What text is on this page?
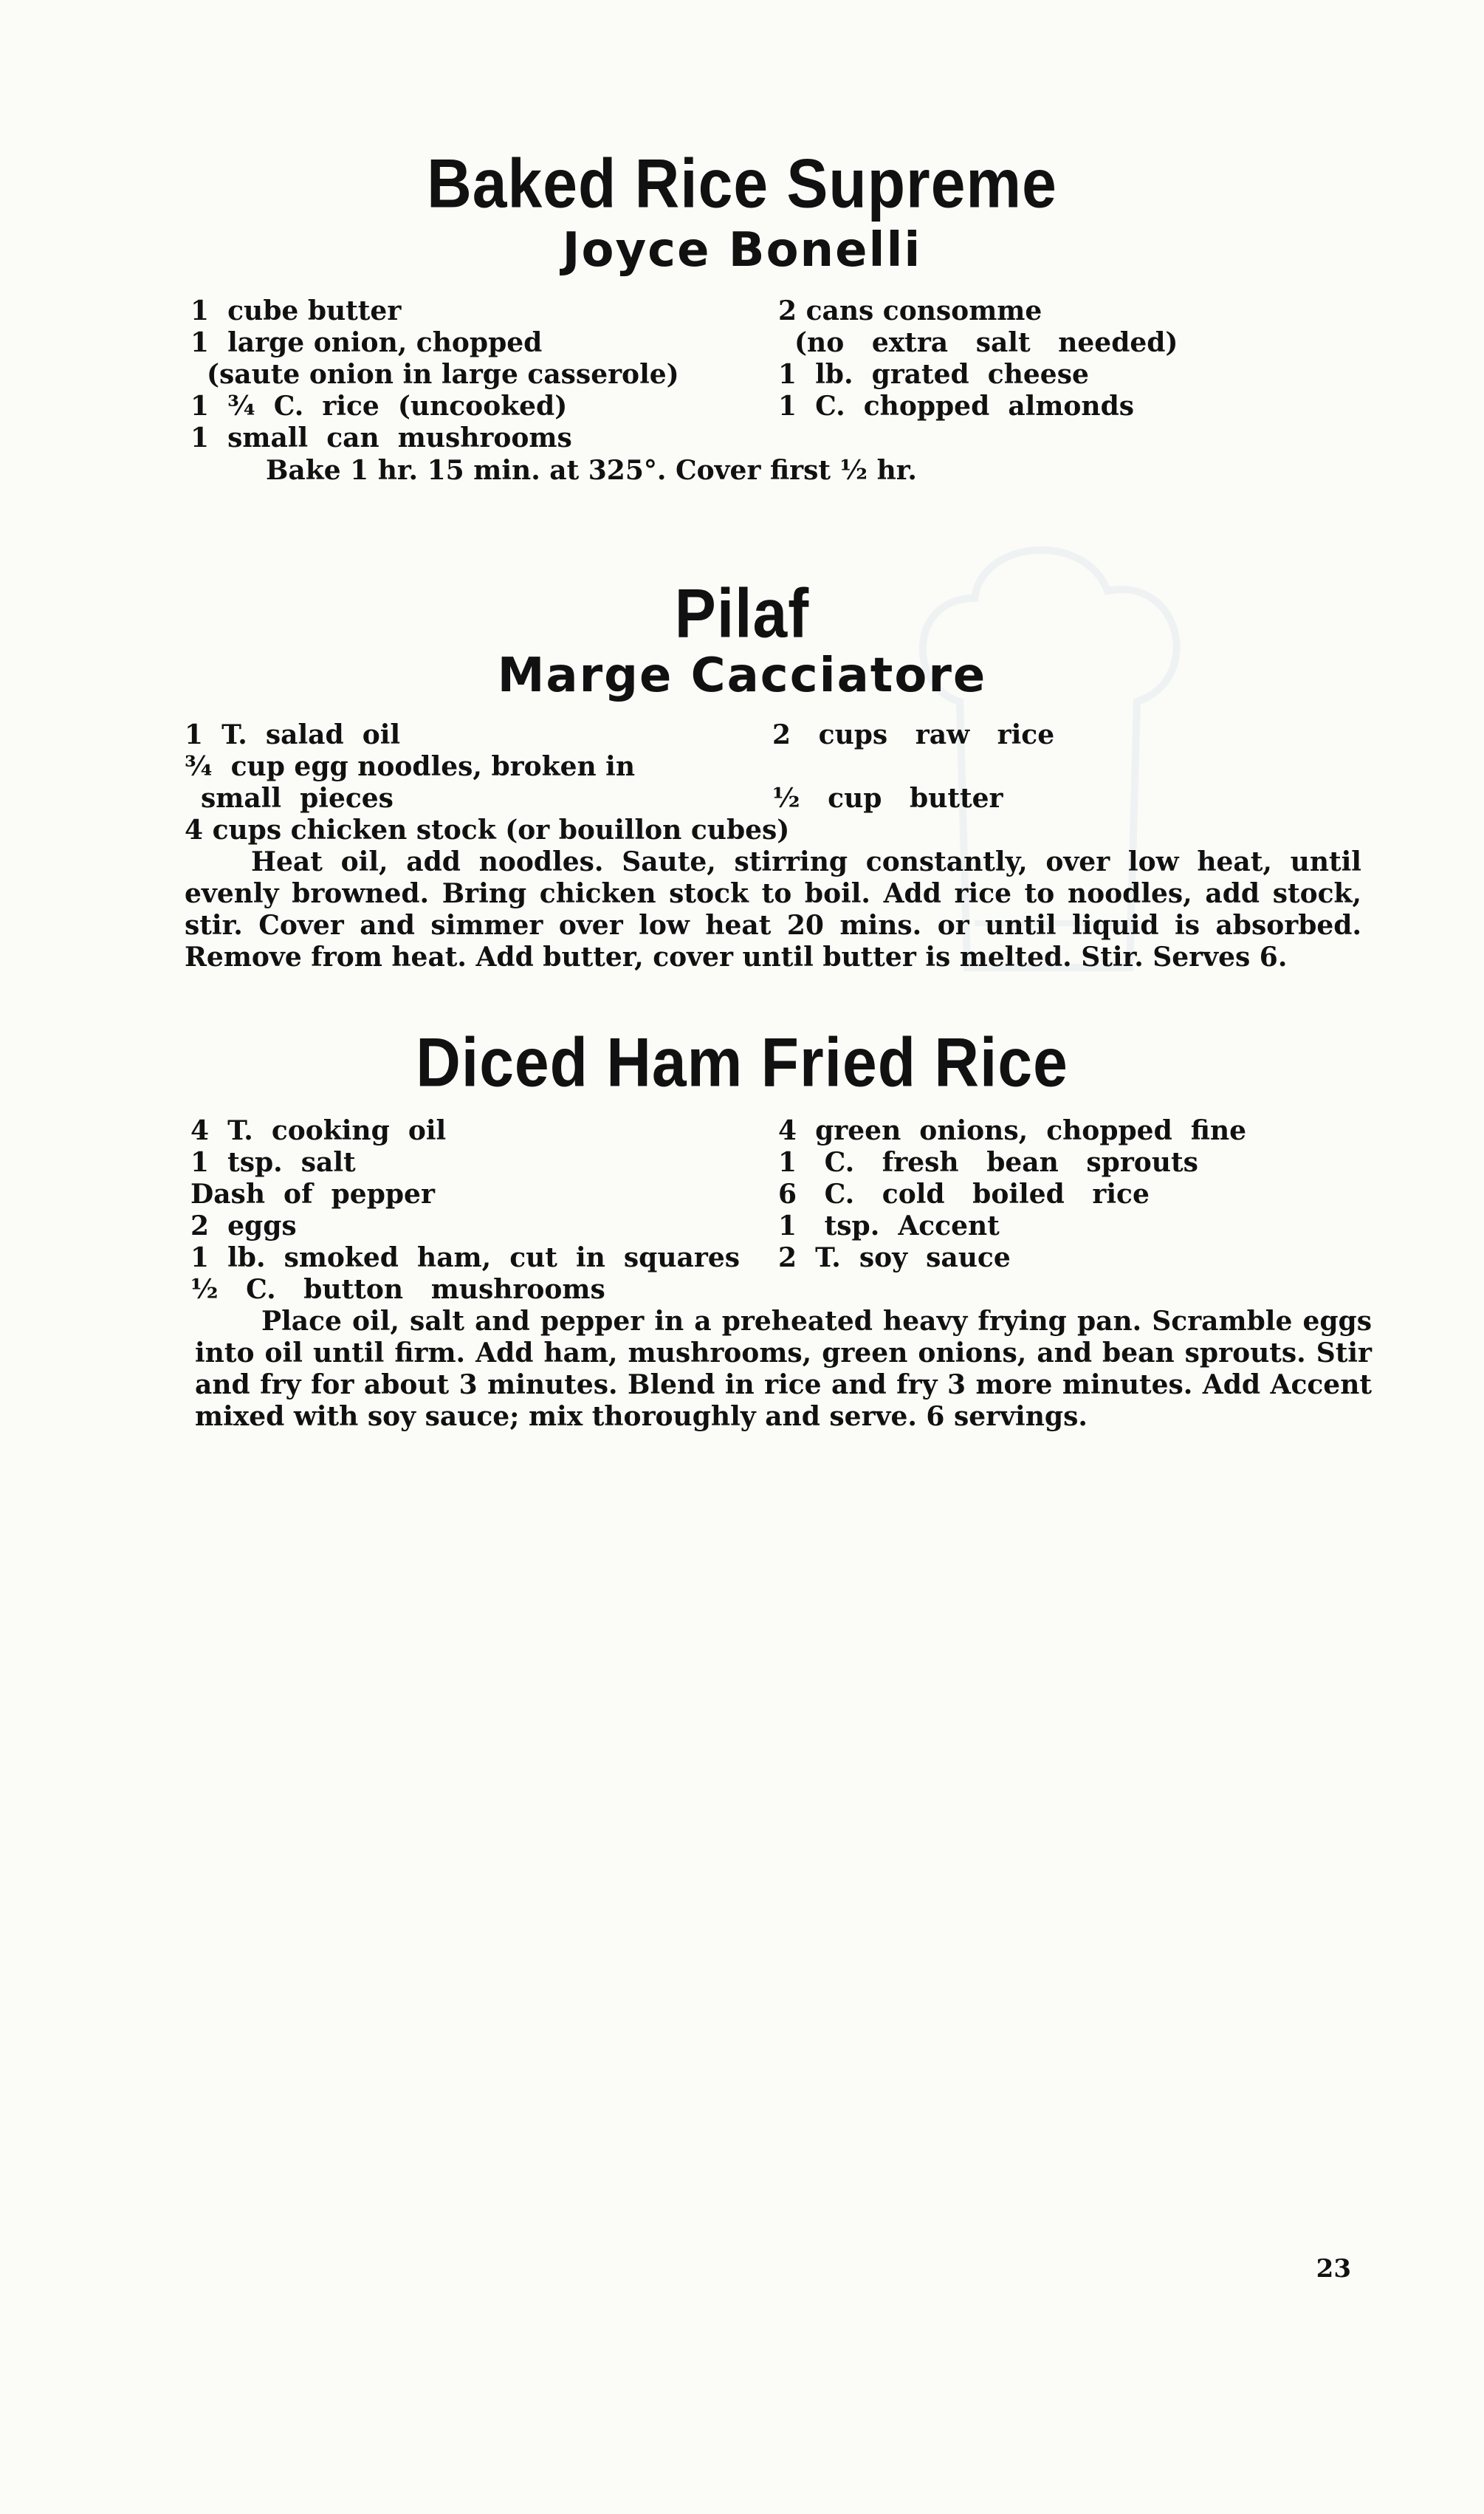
Baked Rice Supreme
Joyce Bonelli
1  cube butter
1  large onion, chopped
(saute onion in large casserole)
1  ¾  C.  rice  (uncooked)
1  small  can  mushrooms
2 cans consomme
(no   extra   salt   needed)
1  lb.  grated  cheese
1  C.  chopped  almonds
Bake 1 hr. 15 min. at 325°. Cover first ½ hr.
Pilaf
Marge Cacciatore
1  T.  salad  oil
¾  cup egg noodles, broken in
small  pieces
2   cups   raw   rice

½   cup   butter
4 cups chicken stock (or bouillon cubes)
Heat oil, add noodles. Saute, stirring constantly, over low heat, until evenly browned. Bring chicken stock to boil. Add rice to noodles, add stock, stir. Cover and simmer over low heat 20 mins. or until liquid is absorbed. Remove from heat. Add butter, cover until butter is melted. Stir. Serves 6.
Diced Ham Fried Rice
4  T.  cooking  oil
1  tsp.  salt
Dash  of  pepper
2  eggs
1  lb.  smoked  ham,  cut  in  squares
½   C.   button   mushrooms
4  green  onions,  chopped  fine
1   C.   fresh   bean   sprouts
6   C.   cold   boiled   rice
1   tsp.  Accent
2  T.  soy  sauce
Place oil, salt and pepper in a preheated heavy frying pan. Scramble eggs into oil until firm. Add ham, mushrooms, green onions, and bean sprouts. Stir and fry for about 3 minutes. Blend in rice and fry 3 more minutes. Add Accent mixed with soy sauce; mix thoroughly and serve. 6 servings.
23
